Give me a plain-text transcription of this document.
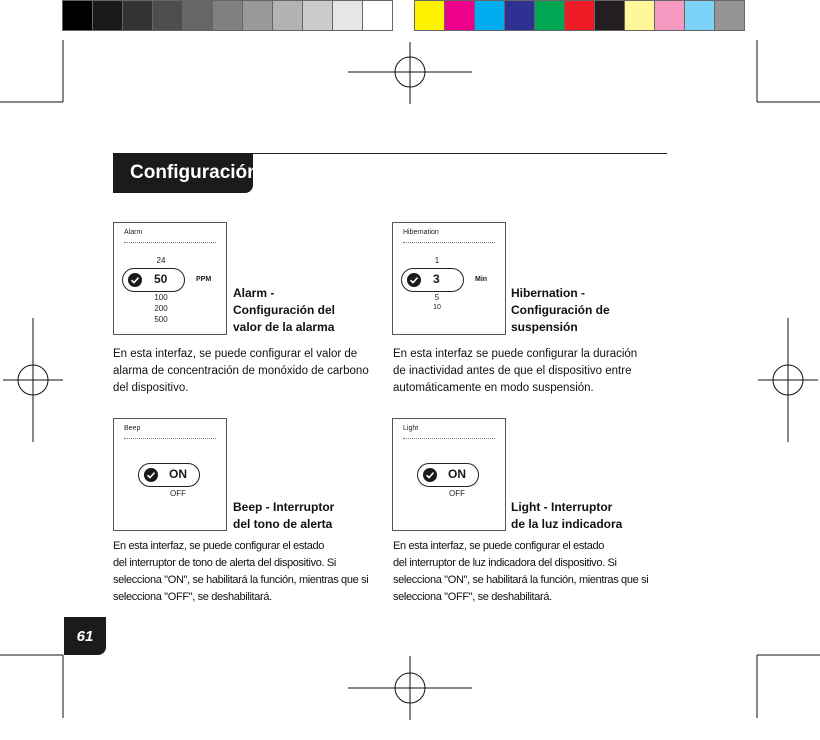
Configuración
Alarm
24
50	PPM
100
200
500
Alarm -
Configuración del
valor de la alarma
En esta interfaz, se puede configurar el valor de
alarma de concentración de monóxido de carbono
del dispositivo.
Hibernation
1
3	Min
5
10
Hibernation -
Configuración de
suspensión
En esta interfaz se puede configurar la duración
de inactividad antes de que el dispositivo entre
automáticamente en modo suspensión.
Beep
ON
OFF
Beep - Interruptor
del tono de alerta
En esta interfaz, se puede configurar el estado
del interruptor de tono de alerta del dispositivo. Si
selecciona "ON", se habilitará la función, mientras que si
selecciona "OFF", se deshabilitará.
Light
ON
OFF
Light - Interruptor
de la luz indicadora
En esta interfaz, se puede configurar el estado
del interruptor de luz indicadora del dispositivo. Si
selecciona "ON", se habilitará la función, mientras que si
selecciona "OFF", se deshabilitará.
61
